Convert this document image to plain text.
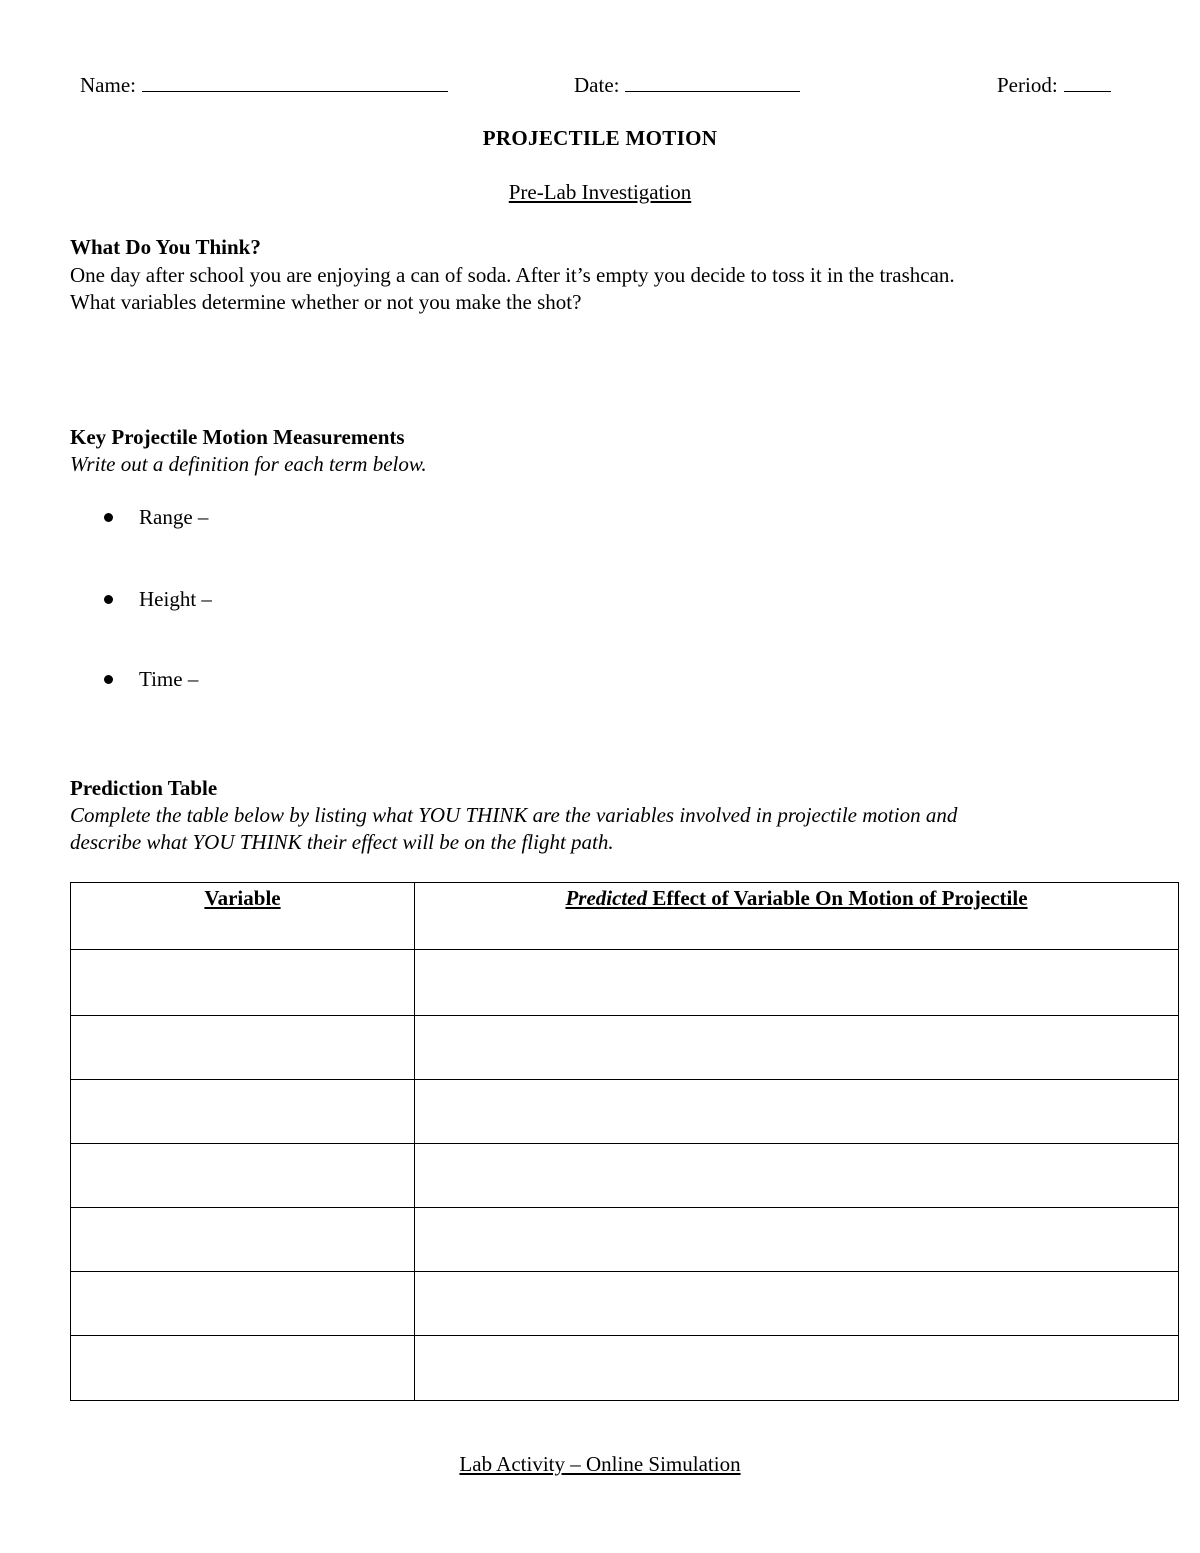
Name:	Date:	Period:
PROJECTILE MOTION
Pre-Lab Investigation
What Do You Think?
One day after school you are enjoying a can of soda. After it’s empty you decide to toss it in the trashcan.
What variables determine whether or not you make the shot?
Key Projectile Motion Measurements
Write out a definition for each term below.
Range –
Height –
Time –
Prediction Table
Complete the table below by listing what YOU THINK are the variables involved in projectile motion and
describe what YOU THINK their effect will be on the flight path.
Variable	Predicted Effect of Variable On Motion of Projectile

Lab Activity – Online Simulation
